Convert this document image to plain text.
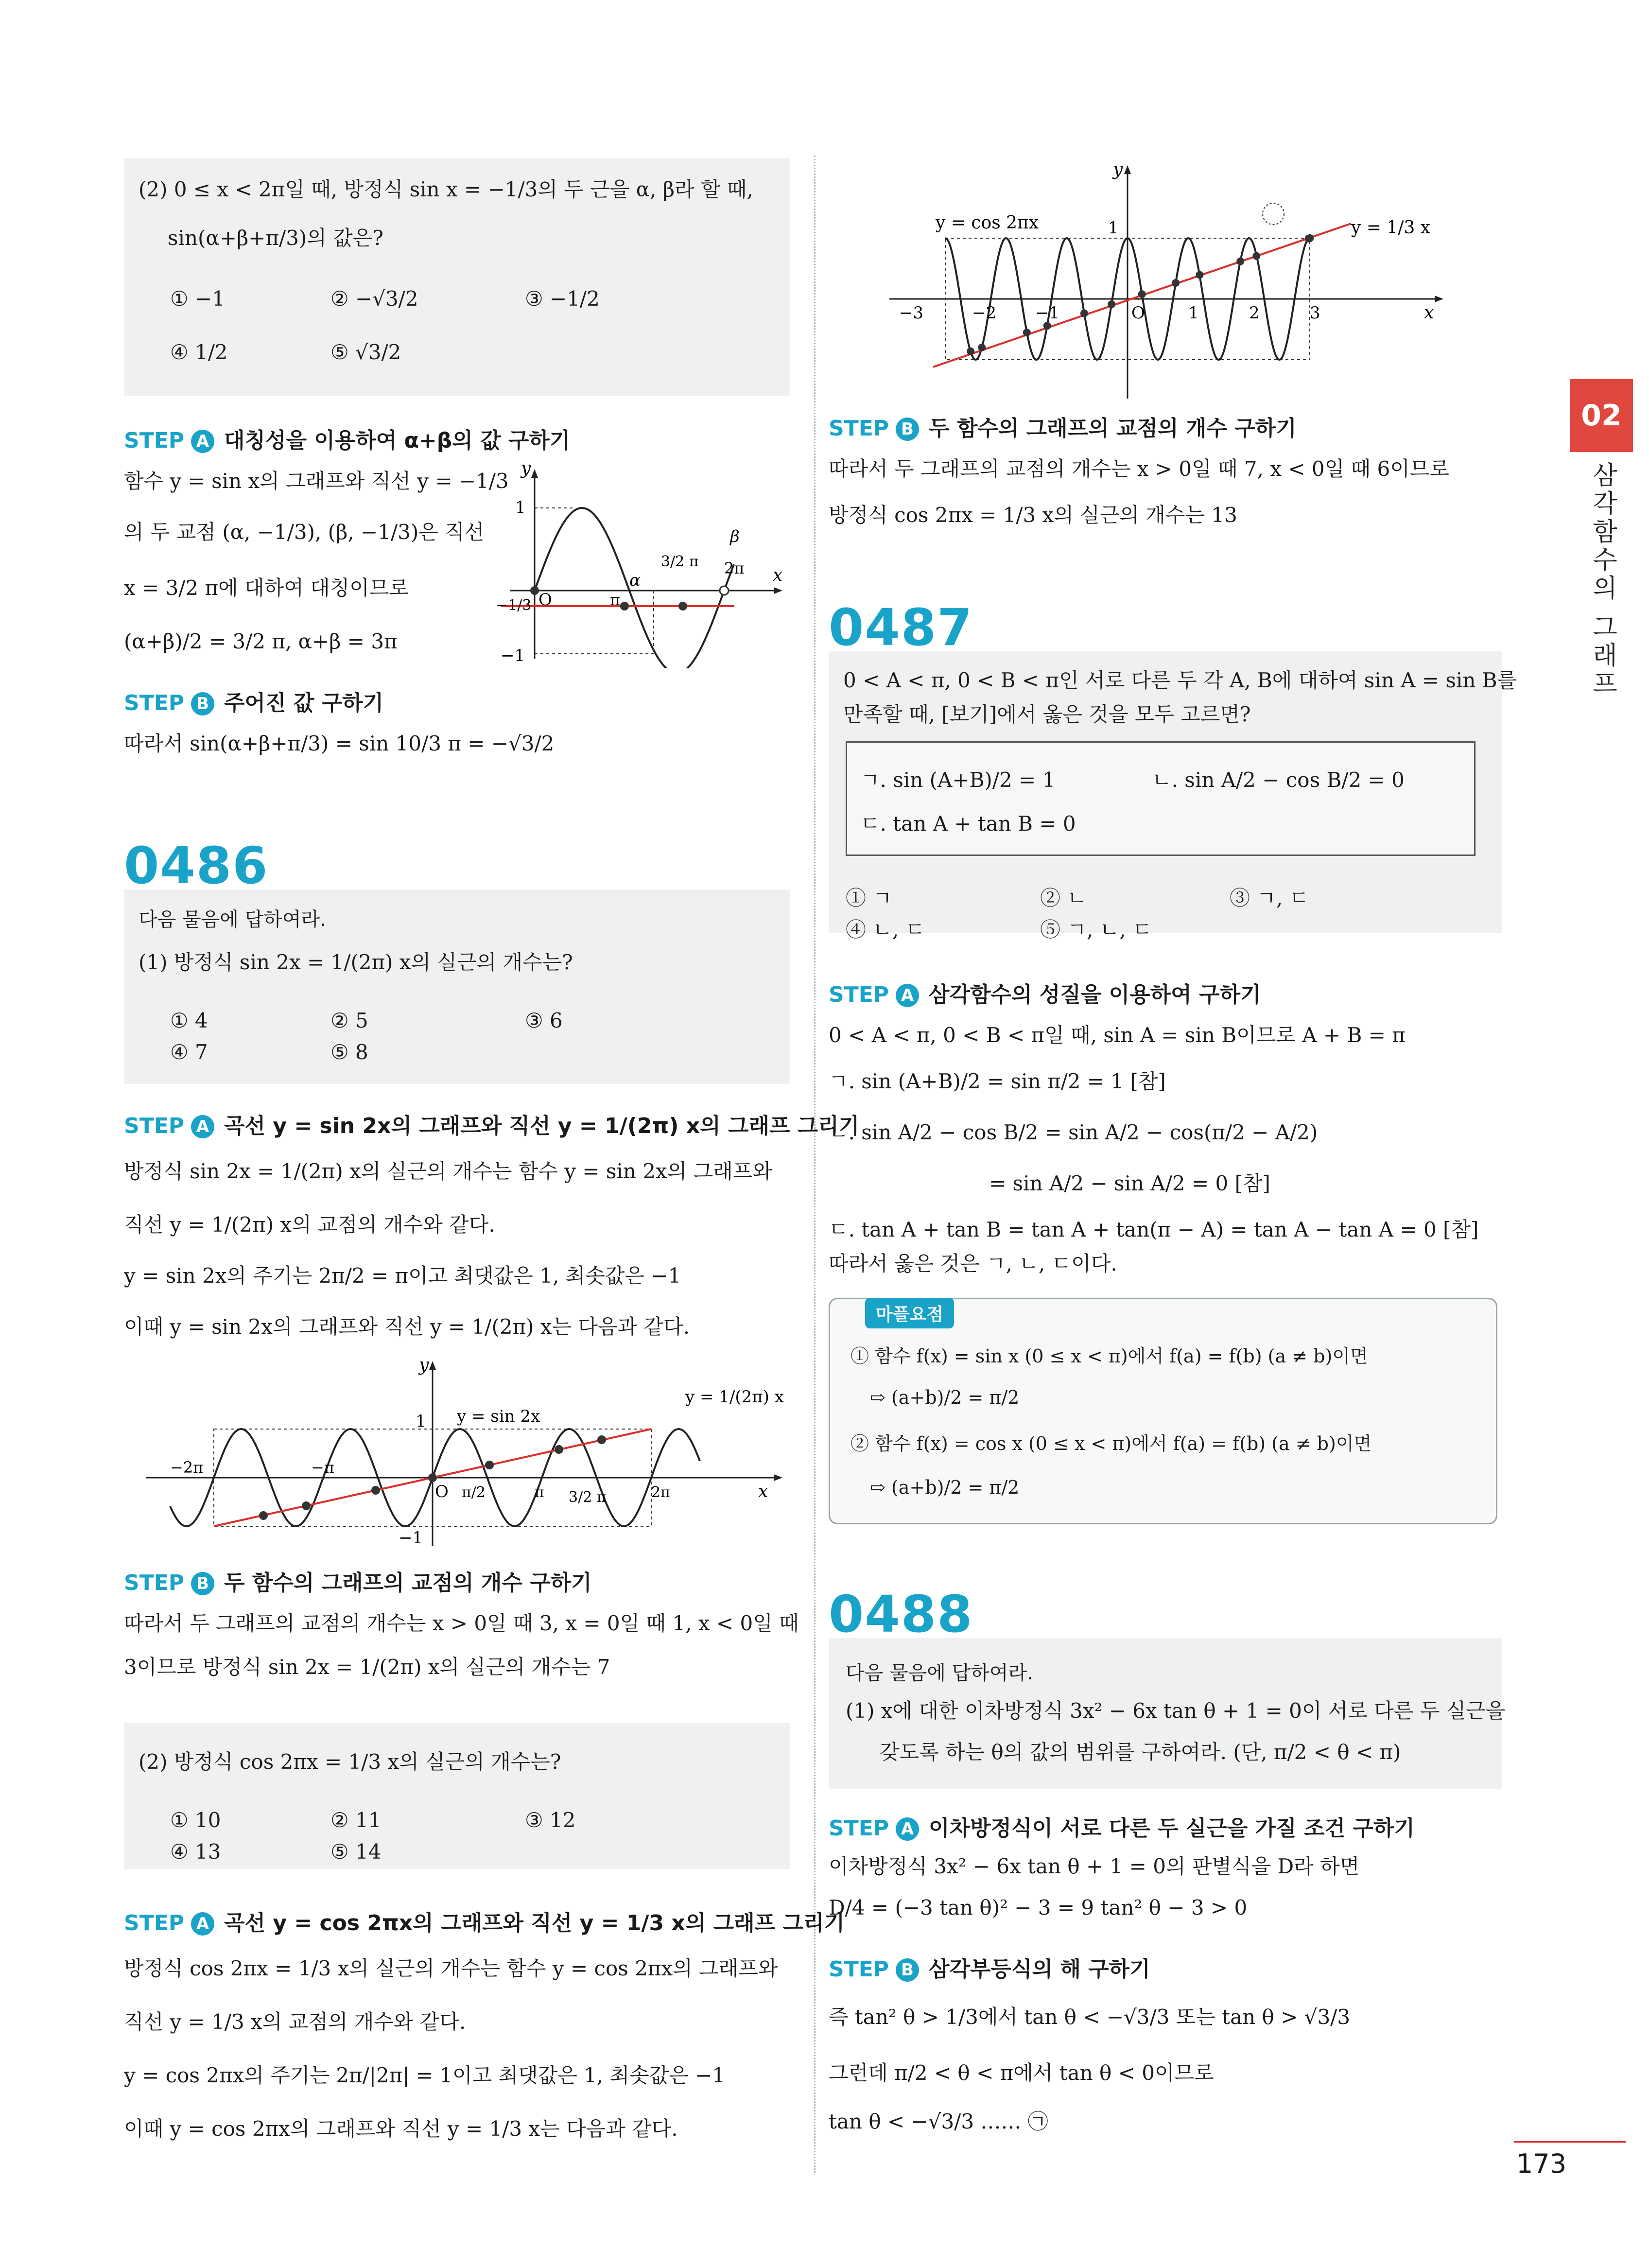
02
삼각함수의 그래프
(2) 0 ≤ x < 2π일 때, 방정식 sin x = −1/3의 두 근을 α, β라 할 때,
sin(α+β+π/3)의 값은?
① −1	② −√3/2	③ −1/2
④ 1/2	⑤ √3/2
STEP A 대칭성을 이용하여 α+β의 값 구하기
함수 y = sin x의 그래프와 직선 y = −1/3
의 두 교점 (α, −1/3), (β, −1/3)은 직선
x = 3/2 π에 대하여 대칭이므로
(α+β)/2 = 3/2 π, α+β = 3π
y
x
1
−1
O
−1/3
α
π
3/2 π
β
2π
STEP B 주어진 값 구하기
따라서 sin(α+β+π/3) = sin 10/3 π = −√3/2
0486
다음 물음에 답하여라.
(1) 방정식 sin 2x = 1/(2π) x의 실근의 개수는?
① 4	② 5	③ 6
④ 7	⑤ 8
STEP A 곡선 y = sin 2x의 그래프와 직선 y = 1/(2π) x의 그래프 그리기
방정식 sin 2x = 1/(2π) x의 실근의 개수는 함수 y = sin 2x의 그래프와
직선 y = 1/(2π) x의 교점의 개수와 같다.
y = sin 2x의 주기는 2π/2 = π이고 최댓값은 1, 최솟값은 −1
이때 y = sin 2x의 그래프와 직선 y = 1/(2π) x는 다음과 같다.
y
x
1
−1
O
y = sin 2x
y = 1/(2π) x
−2π	−π
π/2	π 3/2 π	2π
STEP B 두 함수의 그래프의 교점의 개수 구하기
따라서 두 그래프의 교점의 개수는 x > 0일 때 3, x = 0일 때 1, x < 0일 때
3이므로 방정식 sin 2x = 1/(2π) x의 실근의 개수는 7
(2) 방정식 cos 2πx = 1/3 x의 실근의 개수는?
① 10	② 11	③ 12
④ 13	⑤ 14
STEP A 곡선 y = cos 2πx의 그래프와 직선 y = 1/3 x의 그래프 그리기
방정식 cos 2πx = 1/3 x의 실근의 개수는 함수 y = cos 2πx의 그래프와
직선 y = 1/3 x의 교점의 개수와 같다.
y = cos 2πx의 주기는 2π/|2π| = 1이고 최댓값은 1, 최솟값은 −1
이때 y = cos 2πx의 그래프와 직선 y = 1/3 x는 다음과 같다.
y
x
1
O
y = cos 2πx	y = 1/3 x
−3	−2 −1	1	2	3
STEP B 두 함수의 그래프의 교점의 개수 구하기
따라서 두 그래프의 교점의 개수는 x > 0일 때 7, x < 0일 때 6이므로
방정식 cos 2πx = 1/3 x의 실근의 개수는 13
0487
0 < A < π, 0 < B < π인 서로 다른 두 각 A, B에 대하여 sin A = sin B를
만족할 때, [보기]에서 옳은 것을 모두 고르면?
ㄱ. sin (A+B)/2 = 1	ㄴ. sin A/2 − cos B/2 = 0
ㄷ. tan A + tan B = 0
① ㄱ	② ㄴ	③ ㄱ, ㄷ
④ ㄴ, ㄷ	⑤ ㄱ, ㄴ, ㄷ
STEP A 삼각함수의 성질을 이용하여 구하기
0 < A < π, 0 < B < π일 때, sin A = sin B이므로 A + B = π
ㄱ. sin (A+B)/2 = sin π/2 = 1 [참]
ㄴ. sin A/2 − cos B/2 = sin A/2 − cos(π/2 − A/2)
= sin A/2 − sin A/2 = 0 [참]
ㄷ. tan A + tan B = tan A + tan(π − A) = tan A − tan A = 0 [참]
따라서 옳은 것은 ㄱ, ㄴ, ㄷ이다.
마플요점
① 함수 f(x) = sin x (0 ≤ x < π)에서 f(a) = f(b) (a ≠ b)이면
⇨ (a+b)/2 = π/2
② 함수 f(x) = cos x (0 ≤ x < π)에서 f(a) = f(b) (a ≠ b)이면
⇨ (a+b)/2 = π/2
0488
다음 물음에 답하여라.
(1) x에 대한 이차방정식 3x² − 6x tan θ + 1 = 0이 서로 다른 두 실근을
갖도록 하는 θ의 값의 범위를 구하여라. (단, π/2 < θ < π)
STEP A 이차방정식이 서로 다른 두 실근을 가질 조건 구하기
이차방정식 3x² − 6x tan θ + 1 = 0의 판별식을 D라 하면
D/4 = (−3 tan θ)² − 3 = 9 tan² θ − 3 > 0
STEP B 삼각부등식의 해 구하기
즉 tan² θ > 1/3에서 tan θ < −√3/3 또는 tan θ > √3/3
그런데 π/2 < θ < π에서 tan θ < 0이므로
tan θ < −√3/3 …… ㉠
173
